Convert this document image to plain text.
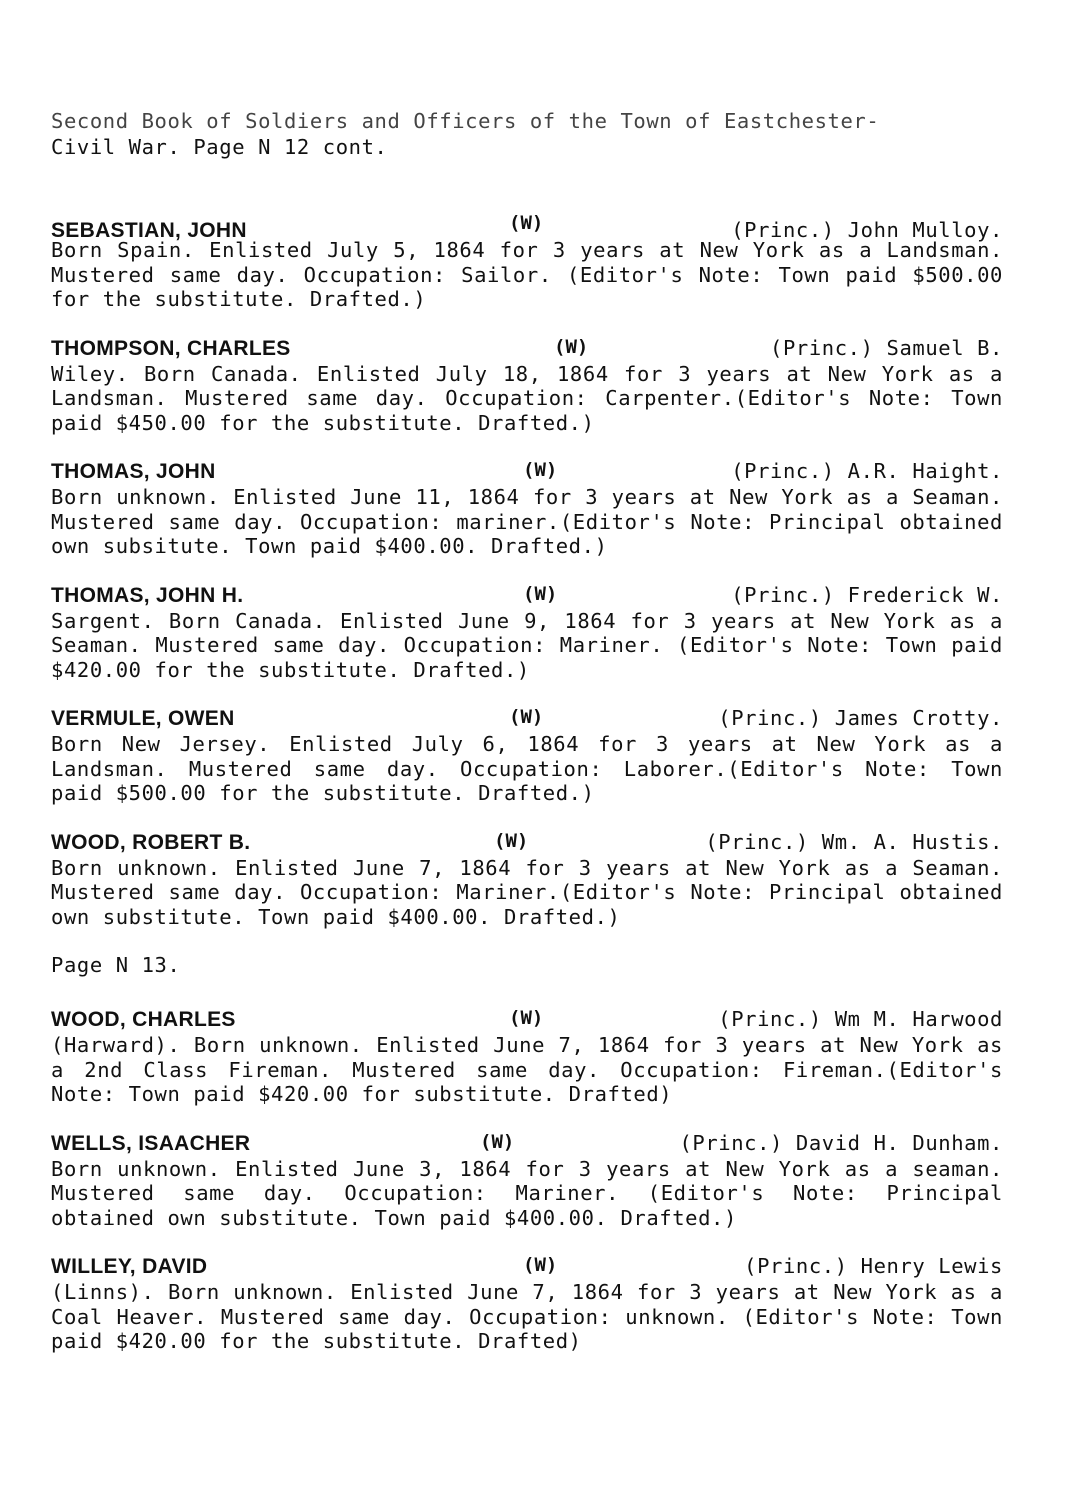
Second Book of Soldiers and Officers of the Town of Eastchester-
Civil War. Page N 12 cont.
SEBASTIAN, JOHN	(W)	(Princ.) John Mulloy.
Born Spain. Enlisted July 5, 1864 for 3 years at New York as a Landsman. Mustered same day. Occupation: Sailor. (Editor's Note: Town paid $500.00 for the substitute. Drafted.)
THOMPSON, CHARLES	(W)	(Princ.) Samuel B.
Wiley. Born Canada. Enlisted July 18, 1864 for 3 years at New York as a Landsman. Mustered same day. Occupation: Carpenter.(Editor's Note: Town paid $450.00 for the substitute. Drafted.)
THOMAS, JOHN	(W)	(Princ.) A.R. Haight.
Born unknown. Enlisted June 11, 1864 for 3 years at New York as a Seaman. Mustered same day. Occupation: mariner.(Editor's Note: Principal obtained own subsitute. Town paid $400.00. Drafted.)
THOMAS, JOHN H.	(W)	(Princ.) Frederick W.
Sargent. Born Canada. Enlisted June 9, 1864 for 3 years at New York as a Seaman. Mustered same day. Occupation: Mariner. (Editor's Note: Town paid $420.00 for the substitute. Drafted.)
VERMULE, OWEN	(W)	(Princ.) James Crotty.
Born New Jersey. Enlisted July 6, 1864 for 3 years at New York as a Landsman. Mustered same day. Occupation: Laborer.(Editor's Note: Town paid $500.00 for the substitute. Drafted.)
WOOD, ROBERT B.	(W)	(Princ.) Wm. A. Hustis.
Born unknown. Enlisted June 7, 1864 for 3 years at New York as a Seaman. Mustered same day. Occupation: Mariner.(Editor's Note: Principal obtained own substitute. Town paid $400.00. Drafted.)
Page N 13.
WOOD, CHARLES	(W)	(Princ.) Wm M. Harwood
(Harward). Born unknown. Enlisted June 7, 1864 for 3 years at New York as a 2nd Class Fireman. Mustered same day. Occupation: Fireman.(Editor's Note: Town paid $420.00 for substitute. Drafted)
WELLS, ISAACHER	(W)	(Princ.) David H. Dunham.
Born unknown. Enlisted June 3, 1864 for 3 years at New York as a seaman. Mustered same day. Occupation: Mariner. (Editor's Note: Principal obtained own substitute. Town paid $400.00. Drafted.)
WILLEY, DAVID	(W)	(Princ.) Henry Lewis
(Linns). Born unknown. Enlisted June 7, 1864 for 3 years at New York as a Coal Heaver. Mustered same day. Occupation: unknown. (Editor's Note: Town paid $420.00 for the substitute. Drafted)
